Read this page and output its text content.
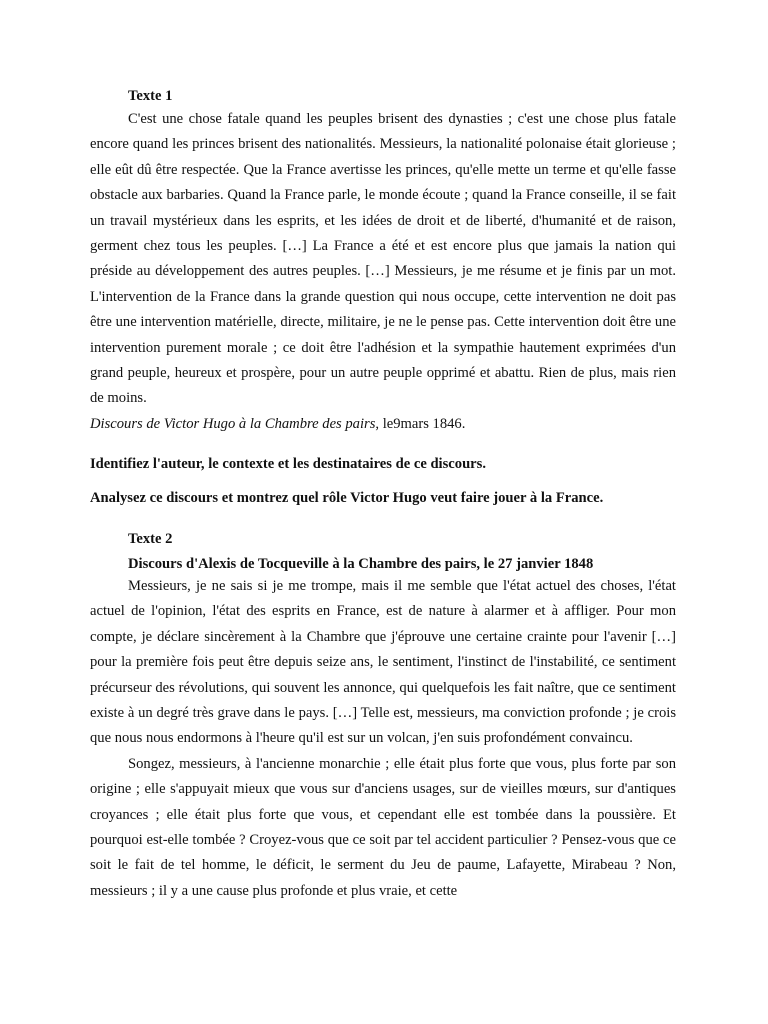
Texte 1

C'est une chose fatale quand les peuples brisent des dynasties ; c'est une chose plus fatale encore quand les princes brisent des nationalités. Messieurs, la nationalité polonaise était glorieuse ; elle eût dû être respectée. Que la France avertisse les princes, qu'elle mette un terme et qu'elle fasse obstacle aux barbaries. Quand la France parle, le monde écoute ; quand la France conseille, il se fait un travail mystérieux dans les esprits, et les idées de droit et de liberté, d'humanité et de raison, germent chez tous les peuples. […] La France a été et est encore plus que jamais la nation qui préside au développement des autres peuples. […] Messieurs, je me résume et je finis par un mot. L'intervention de la France dans la grande question qui nous occupe, cette intervention ne doit pas être une intervention matérielle, directe, militaire, je ne le pense pas. Cette intervention doit être une intervention purement morale ; ce doit être l'adhésion et la sympathie hautement exprimées d'un grand peuple, heureux et prospère, pour un autre peuple opprimé et abattu. Rien de plus, mais rien de moins.

Discours de Victor Hugo à la Chambre des pairs, le9mars 1846.

Identifiez l'auteur, le contexte et les destinataires de ce discours.
Analysez ce discours et montrez quel rôle Victor Hugo veut faire jouer à la France.
Texte 2
Discours d'Alexis de Tocqueville à la Chambre des pairs, le 27 janvier 1848

Messieurs, je ne sais si je me trompe, mais il me semble que l'état actuel des choses, l'état actuel de l'opinion, l'état des esprits en France, est de nature à alarmer et à affliger. Pour mon compte, je déclare sincèrement à la Chambre que j'éprouve une certaine crainte pour l'avenir […] pour la première fois peut être depuis seize ans, le sentiment, l'instinct de l'instabilité, ce sentiment précurseur des révolutions, qui souvent les annonce, qui quelquefois les fait naître, que ce sentiment existe à un degré très grave dans le pays. […] Telle est, messieurs, ma conviction profonde ; je crois que nous nous endormons à l'heure qu'il est sur un volcan, j'en suis profondément convaincu.

Songez, messieurs, à l'ancienne monarchie ; elle était plus forte que vous, plus forte par son origine ; elle s'appuyait mieux que vous sur d'anciens usages, sur de vieilles mœurs, sur d'antiques croyances ; elle était plus forte que vous, et cependant elle est tombée dans la poussière. Et pourquoi est-elle tombée ? Croyez-vous que ce soit par tel accident particulier ? Pensez-vous que ce soit le fait de tel homme, le déficit, le serment du Jeu de paume, Lafayette, Mirabeau ? Non, messieurs ; il y a une cause plus profonde et plus vraie, et cette
